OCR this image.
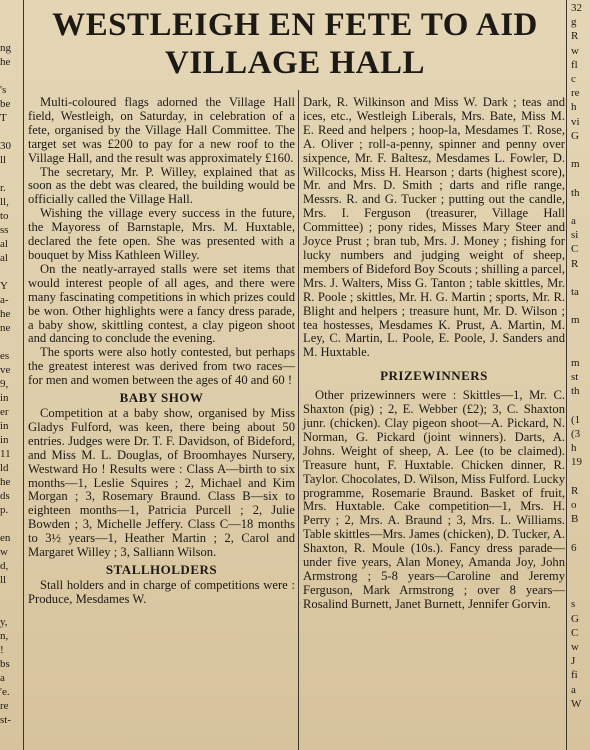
ng
he
's
be
T
30
ll
r.
ll,
to
ss
al
al
Y
a-
he
ne
es
ve
9,
in
er
in
in
11
ld
he
ds
p.
en
w
d,
ll
y,
n,
!
bs
a
'e.
re
st-
32
g
R
w
fl
c
re
h
vi
G
m
th
a
si
C
R
ta
m
m
st
th
(1
(3
h
19
R
o
B
6
s
G
C
w
J
fi
a
W
WESTLEIGH EN FETE TO AID VILLAGE HALL

Multi-coloured flags adorned the Village Hall field, Westleigh, on Saturday, in celebration of a fete, organised by the Village Hall Committee. The target set was £200 to pay for a new roof to the Village Hall, and the result was approximately £160.

The secretary, Mr. P. Willey, explained that as soon as the debt was cleared, the building would be officially called the Village Hall.

Wishing the village every success in the future, the Mayoress of Barnstaple, Mrs. M. Huxtable, declared the fete open. She was presented with a bouquet by Miss Kathleen Willey.

On the neatly-arrayed stalls were set items that would interest people of all ages, and there were many fascinating competitions in which prizes could be won. Other highlights were a fancy dress parade, a baby show, skittling contest, a clay pigeon shoot and dancing to conclude the evening.

The sports were also hotly contested, but perhaps the greatest interest was derived from two races—for men and women between the ages of 40 and 60 !

BABY SHOW

Competition at a baby show, organised by Miss Gladys Fulford, was keen, there being about 50 entries. Judges were Dr. T. F. Davidson, of Bideford, and Miss M. L. Douglas, of Broomhayes Nursery, Westward Ho ! Results were : Class A—birth to six months—1, Leslie Squires ; 2, Michael and Kim Morgan ; 3, Rosemary Braund. Class B—six to eighteen months—1, Patricia Purcell ; 2, Julie Bowden ; 3, Michelle Jeffery. Class C—18 months to 3½ years—1, Heather Martin ; 2, Carol and Margaret Willey ; 3, Salliann Wilson.

STALLHOLDERS

Stall holders and in charge of competitions were : Produce, Mesdames W.

Dark, R. Wilkinson and Miss W. Dark ; teas and ices, etc., Westleigh Liberals, Mrs. Bate, Miss M. E. Reed and helpers ; hoop-la, Mesdames T. Rose, A. Oliver ; roll-a-penny, spinner and penny over sixpence, Mr. F. Baltesz, Mesdames L. Fowler, D. Willcocks, Miss H. Hearson ; darts (highest score), Mr. and Mrs. D. Smith ; darts and rifle range, Messrs. R. and G. Tucker ; putting out the candle, Mrs. I. Ferguson (treasurer, Village Hall Committee) ; pony rides, Misses Mary Steer and Joyce Prust ; bran tub, Mrs. J. Money ; fishing for lucky numbers and judging weight of sheep, members of Bideford Boy Scouts ; shilling a parcel, Mrs. J. Walters, Miss G. Tanton ; table skittles, Mr. R. Poole ; skittles, Mr. H. G. Martin ; sports, Mr. R. Blight and helpers ; treasure hunt, Mr. D. Wilson ; tea hostesses, Mesdames K. Prust, A. Martin, M. Ley, C. Martin, L. Poole, E. Poole, J. Sanders and M. Huxtable.

PRIZEWINNERS

Other prizewinners were : Skittles—1, Mr. C. Shaxton (pig) ; 2, E. Webber (£2); 3, C. Shaxton junr. (chicken). Clay pigeon shoot—A. Pickard, N. Norman, G. Pickard (joint winners). Darts, A. Johns. Weight of sheep, A. Lee (to be claimed). Treasure hunt, F. Huxtable. Chicken dinner, R. Taylor. Chocolates, D. Wilson, Miss Fulford. Lucky programme, Rosemarie Braund. Basket of fruit, Mrs. Huxtable. Cake competition—1, Mrs. H. Perry ; 2, Mrs. A. Braund ; 3, Mrs. L. Williams. Table skittles—Mrs. James (chicken), D. Tucker, A. Shaxton, R. Moule (10s.). Fancy dress parade—under five years, Alan Money, Amanda Joy, John Armstrong ; 5-8 years—Caroline and Jeremy Ferguson, Mark Armstrong ; over 8 years—Rosalind Burnett, Janet Burnett, Jennifer Gorvin.
